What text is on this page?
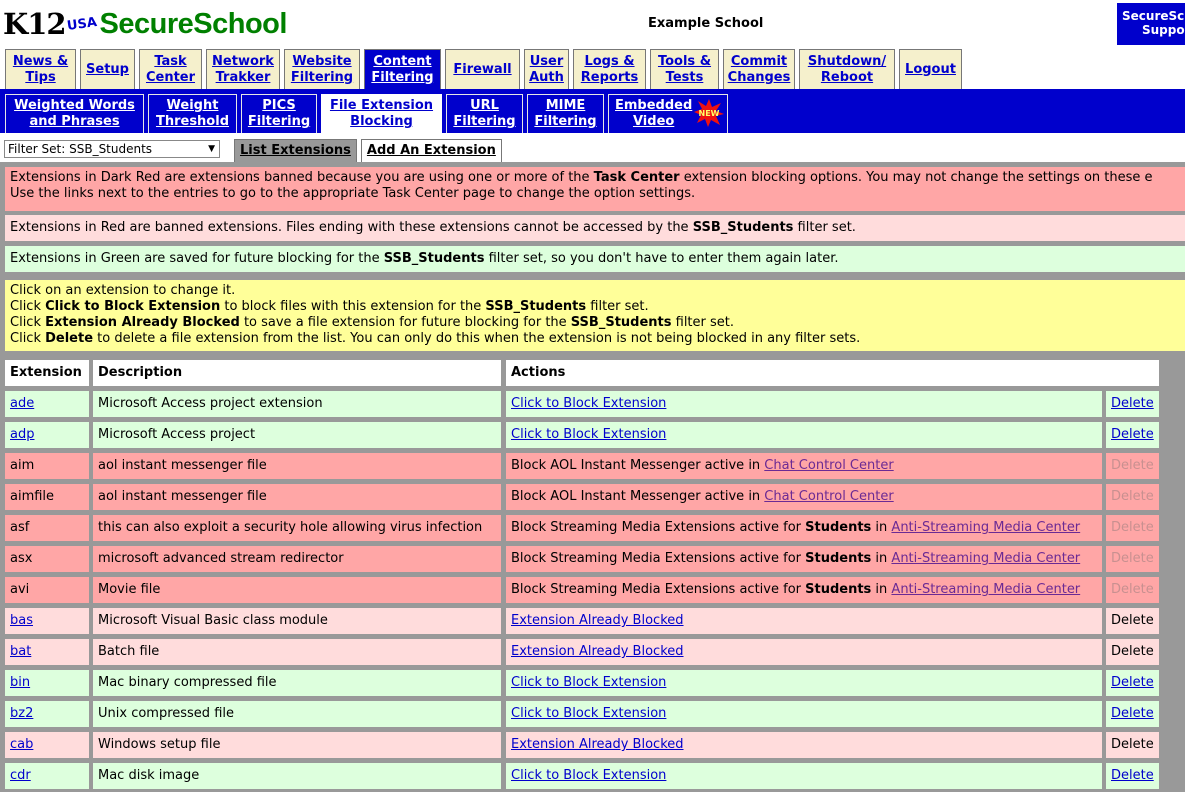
K12 USA SecureSchool	Example School	SecureSc
Suppo
News &
Tips
Setup
Task
Center
Network
Trakker
Website
Filtering
Content
Filtering
Firewall
User
Auth
Logs &
Reports
Tools &
Tests
Commit
Changes
Shutdown/
Reboot
Logout
Weighted Words
and Phrases
Weight
Threshold
PICS
Filtering
File Extension
Blocking
URL
Filtering
MIME
Filtering
Embedded
Video
NEW
Filter Set: SSB_Students	▼	List Extensions	Add An Extension

Extensions in Dark Red are extensions banned because you are using one or more of the Task Center extension blocking options. You may not change the settings on these e

Use the links next to the entries to go to the appropriate Task Center page to change the option settings.

Extensions in Red are banned extensions. Files ending with these extensions cannot be accessed by the SSB_Students filter set.

Extensions in Green are saved for future blocking for the SSB_Students filter set, so you don't have to enter them again later.

Click on an extension to change it.

Click Click to Block Extension to block files with this extension for the SSB_Students filter set.

Click Extension Already Blocked to save a file extension for future blocking for the SSB_Students filter set.

Click Delete to delete a file extension from the list. You can only do this when the extension is not being blocked in any filter sets.

Extension	Description	Actions
ade	Microsoft Access project extension	Click to Block Extension	Delete
adp	Microsoft Access project	Click to Block Extension	Delete
aim	aol instant messenger file	Block AOL Instant Messenger active in Chat Control Center	Delete
aimfile	aol instant messenger file	Block AOL Instant Messenger active in Chat Control Center	Delete
asf	this can also exploit a security hole allowing virus infection	Block Streaming Media Extensions active for Students in Anti-Streaming Media Center	Delete
asx	microsoft advanced stream redirector	Block Streaming Media Extensions active for Students in Anti-Streaming Media Center	Delete
avi	Movie file	Block Streaming Media Extensions active for Students in Anti-Streaming Media Center	Delete
bas	Microsoft Visual Basic class module	Extension Already Blocked	Delete
bat	Batch file	Extension Already Blocked	Delete
bin	Mac binary compressed file	Click to Block Extension	Delete
bz2	Unix compressed file	Click to Block Extension	Delete
cab	Windows setup file	Extension Already Blocked	Delete
cdr	Mac disk image	Click to Block Extension	Delete
